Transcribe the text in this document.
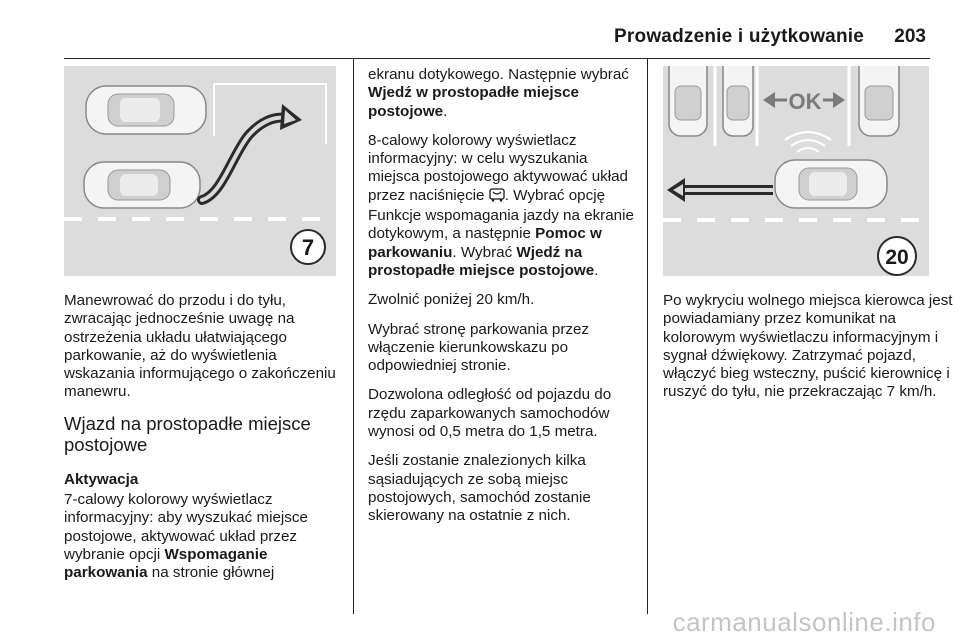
Prowadzenie i użytkowanie 203
7
OK
20

Manewrować do przodu i do tyłu, zwracając jednocześnie uwagę na ostrzeżenia układu ułatwiającego parkowanie, aż do wyświetlenia wskazania informującego o zakończeniu manewru.

Wjazd na prostopadłe miejsce postojowe
Aktywacja

7-calowy kolorowy wyświetlacz informacyjny: aby wyszukać miejsce postojowe, aktywować układ przez wybranie opcji Wspomaganie parkowania na stronie głównej

ekranu dotykowego. Następnie wybrać Wjedź w prostopadłe miejsce postojowe.

8-calowy kolorowy wyświetlacz informacyjny: w celu wyszukania miejsca postojowego aktywować układ przez naciśnięcie . Wybrać opcję Funkcje wspomagania jazdy na ekranie dotykowym, a następnie Pomoc w parkowaniu. Wybrać Wjedź na prostopadłe miejsce postojowe.

Zwolnić poniżej 20 km/h.

Wybrać stronę parkowania przez włączenie kierunkowskazu po odpowiedniej stronie.

Dozwolona odległość od pojazdu do rzędu zaparkowanych samochodów wynosi od 0,5 metra do 1,5 metra.

Jeśli zostanie znalezionych kilka sąsiadujących ze sobą miejsc postojowych, samochód zostanie skierowany na ostatnie z nich.

Po wykryciu wolnego miejsca kierowca jest powiadamiany przez komunikat na kolorowym wyświetlaczu informacyjnym i sygnał dźwiękowy. Zatrzymać pojazd, włączyć bieg wsteczny, puścić kierownicę i ruszyć do tyłu, nie przekraczając 7 km/h.

carmanualsonline.info
